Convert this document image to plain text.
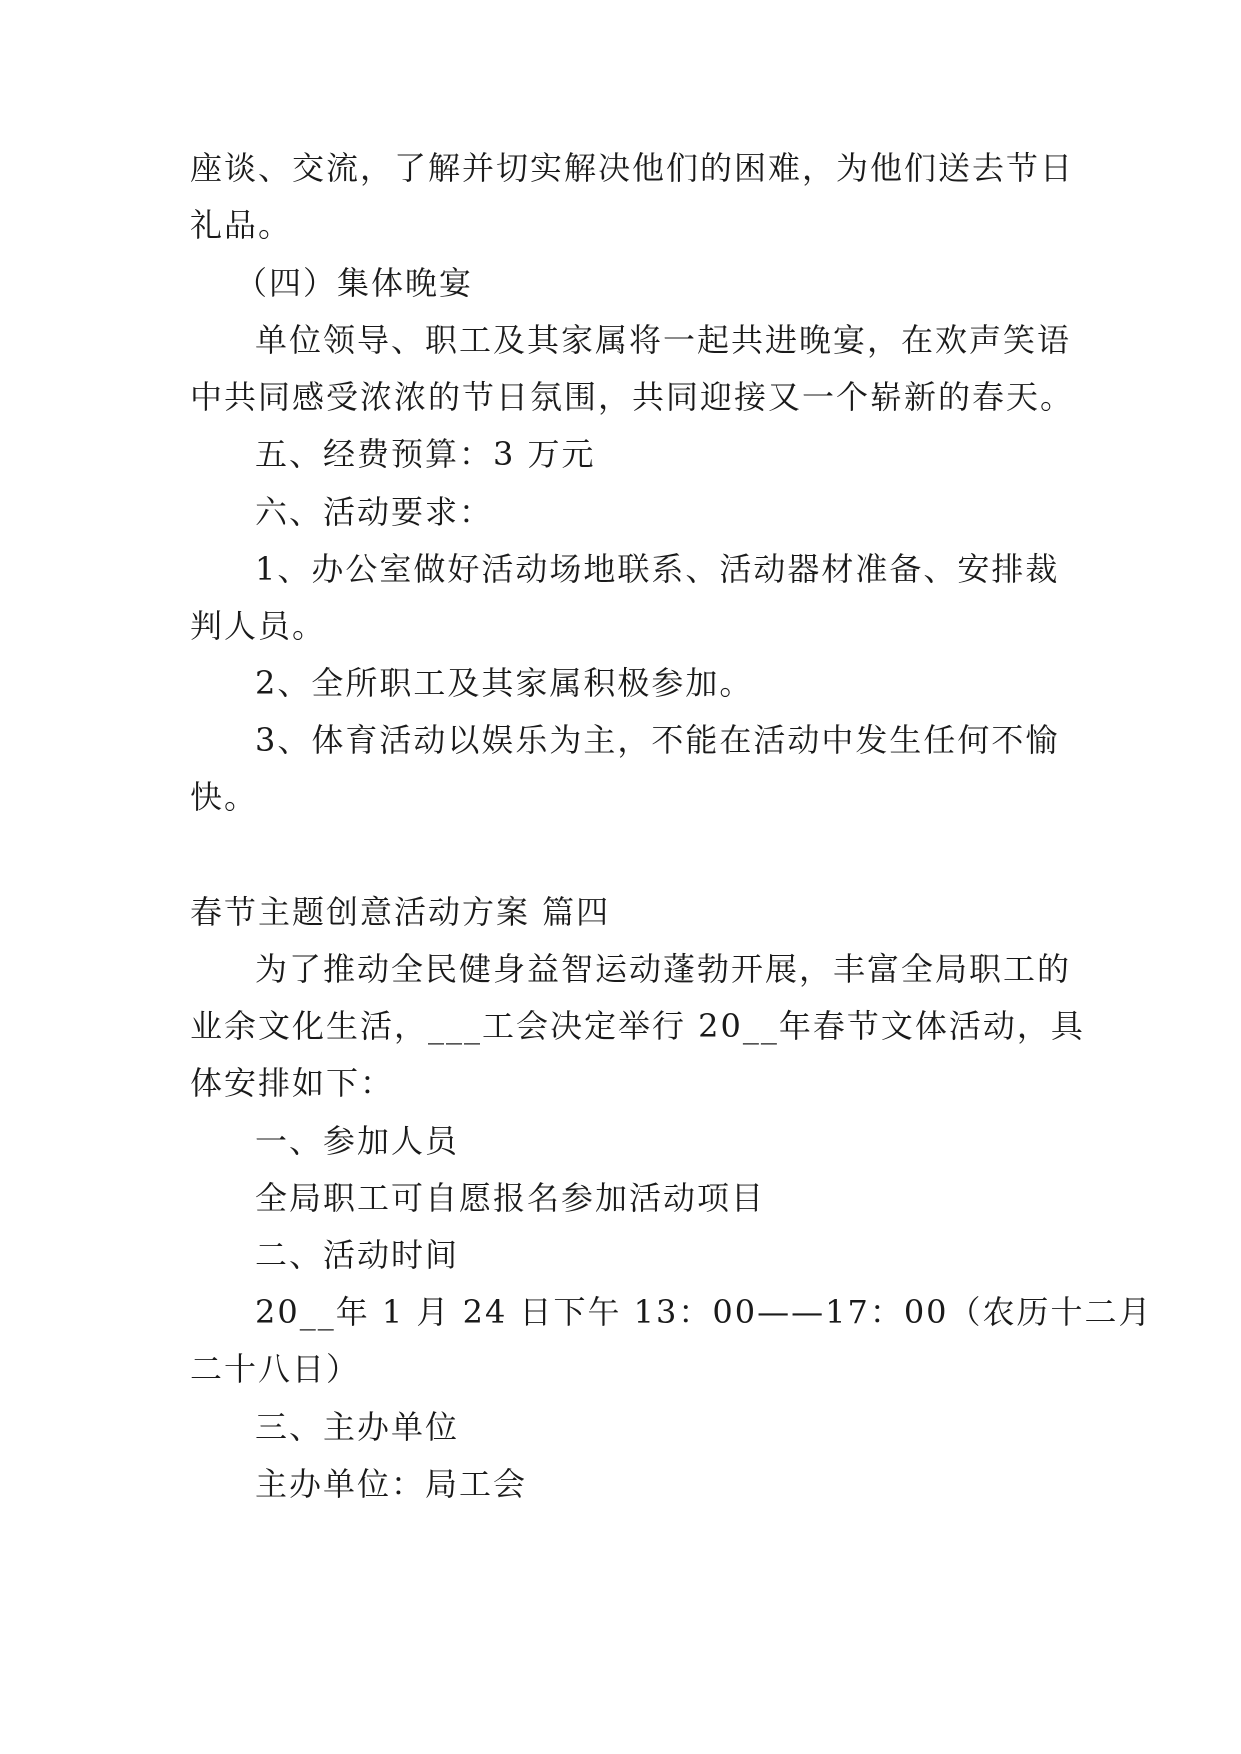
座谈、交流，了解并切实解决他们的困难，为他们送去节日
礼品。
（四）集体晚宴
单位领导、职工及其家属将一起共进晚宴，在欢声笑语
中共同感受浓浓的节日氛围，共同迎接又一个崭新的春天。
五、经费预算：3 万元
六、活动要求：
1、办公室做好活动场地联系、活动器材准备、安排裁
判人员。
2、全所职工及其家属积极参加。
3、体育活动以娱乐为主，不能在活动中发生任何不愉
快。
春节主题创意活动方案 篇四
为了推动全民健身益智运动蓬勃开展，丰富全局职工的
业余文化生活，___工会决定举行 20__年春节文体活动，具
体安排如下：
一、参加人员
全局职工可自愿报名参加活动项目
二、活动时间
20__年 1 月 24 日下午 13：00——17：00（农历十二月
二十八日）
三、主办单位
主办单位：局工会
